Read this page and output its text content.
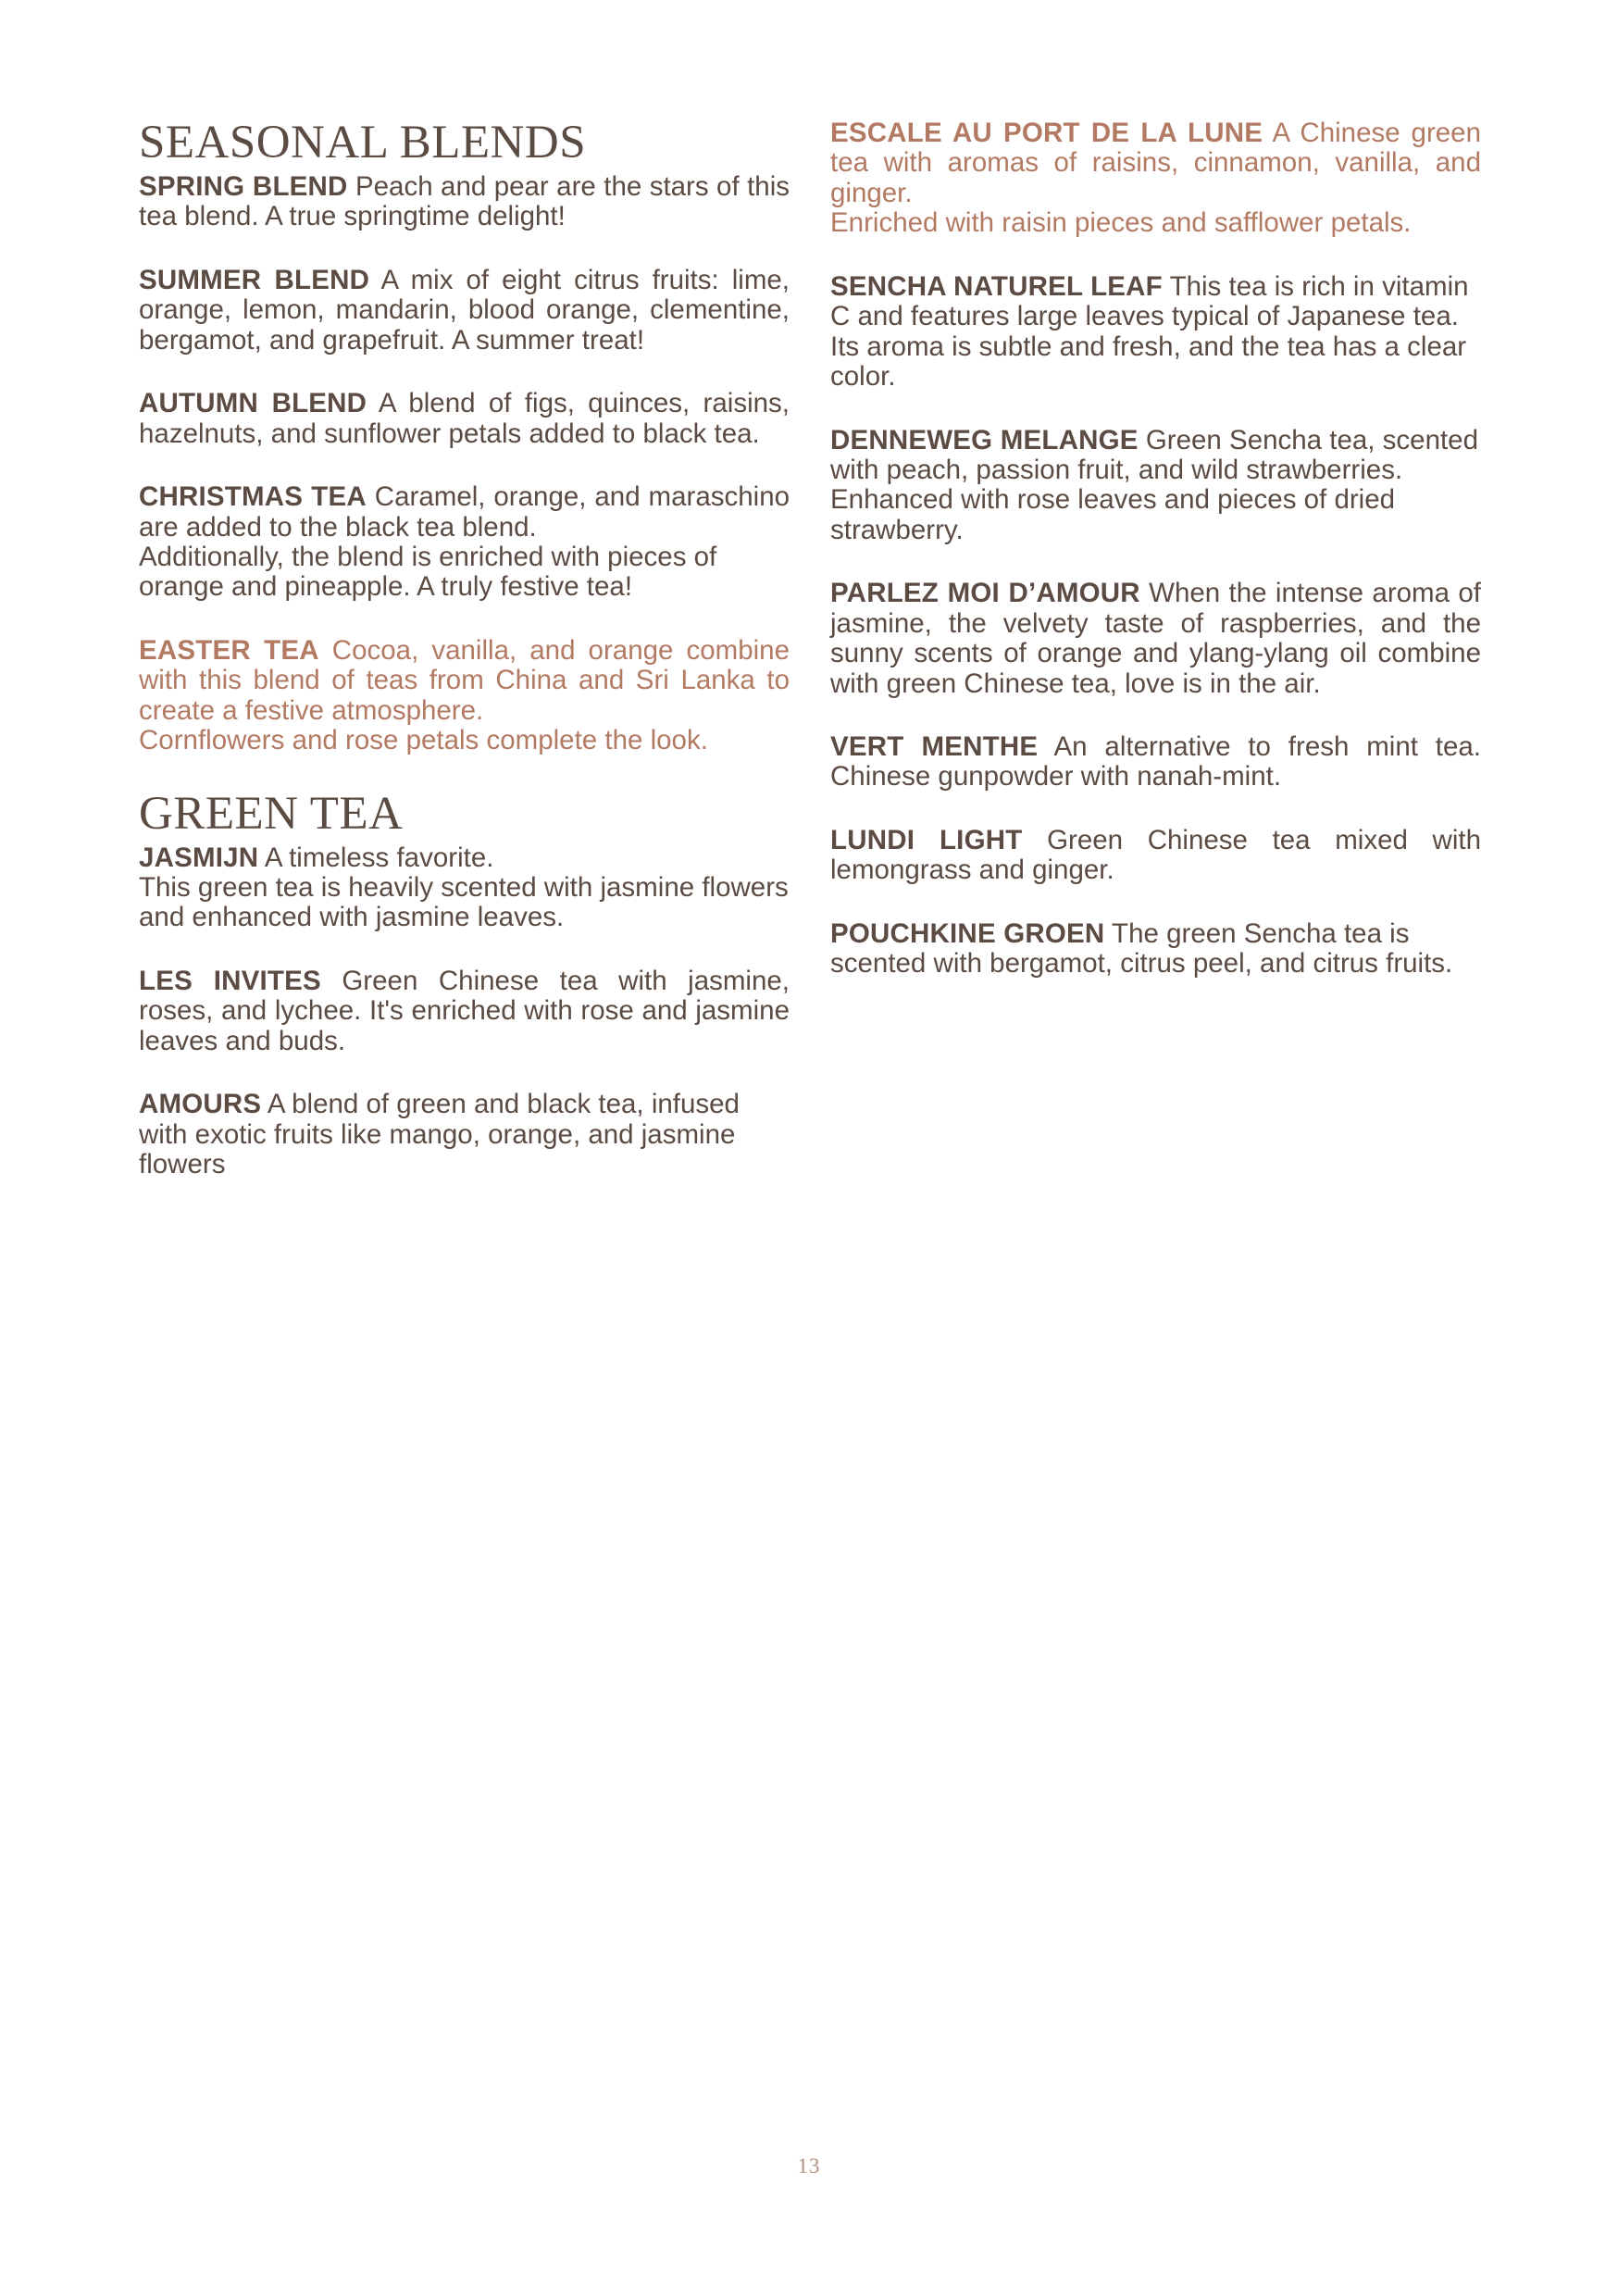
SEASONAL BLENDS

SPRING BLEND Peach and pear are the stars of this tea blend. A true springtime delight!

SUMMER BLEND A mix of eight citrus fruits: lime, orange, lemon, mandarin, blood orange, clementine, bergamot, and grapefruit. A summer treat!

AUTUMN BLEND A blend of figs, quinces, raisins, hazelnuts, and sunflower petals added to black tea.

CHRISTMAS TEA Caramel, orange, and maraschino are added to the black tea blend.

Additionally, the blend is enriched with pieces of orange and pineapple. A truly festive tea!

EASTER TEA Cocoa, vanilla, and orange combine with this blend of teas from China and Sri Lanka to create a festive atmosphere.

Cornflowers and rose petals complete the look.

GREEN TEA

JASMIJN A timeless favorite.

This green tea is heavily scented with jasmine flowers and enhanced with jasmine leaves.

LES INVITES Green Chinese tea with jasmine, roses, and lychee. It's enriched with rose and jasmine leaves and buds.

AMOURS A blend of green and black tea, infused with exotic fruits like mango, orange, and jasmine flowers

ESCALE AU PORT DE LA LUNE A Chinese green tea with aromas of raisins, cinnamon, vanilla, and ginger.

Enriched with raisin pieces and safflower petals.

SENCHA NATUREL LEAF This tea is rich in vitamin C and features large leaves typical of Japanese tea. Its aroma is subtle and fresh, and the tea has a clear color.

DENNEWEG MELANGE Green Sencha tea, scented with peach, passion fruit, and wild strawberries. Enhanced with rose leaves and pieces of dried strawberry.

PARLEZ MOI D’AMOUR When the intense aroma of jasmine, the velvety taste of raspberries, and the sunny scents of orange and ylang-ylang oil combine with green Chinese tea, love is in the air.

VERT MENTHE An alternative to fresh mint tea. Chinese gunpowder with nanah-mint.

LUNDI LIGHT Green Chinese tea mixed with lemongrass and ginger.

POUCHKINE GROEN The green Sencha tea is scented with bergamot, citrus peel, and citrus fruits.

13
